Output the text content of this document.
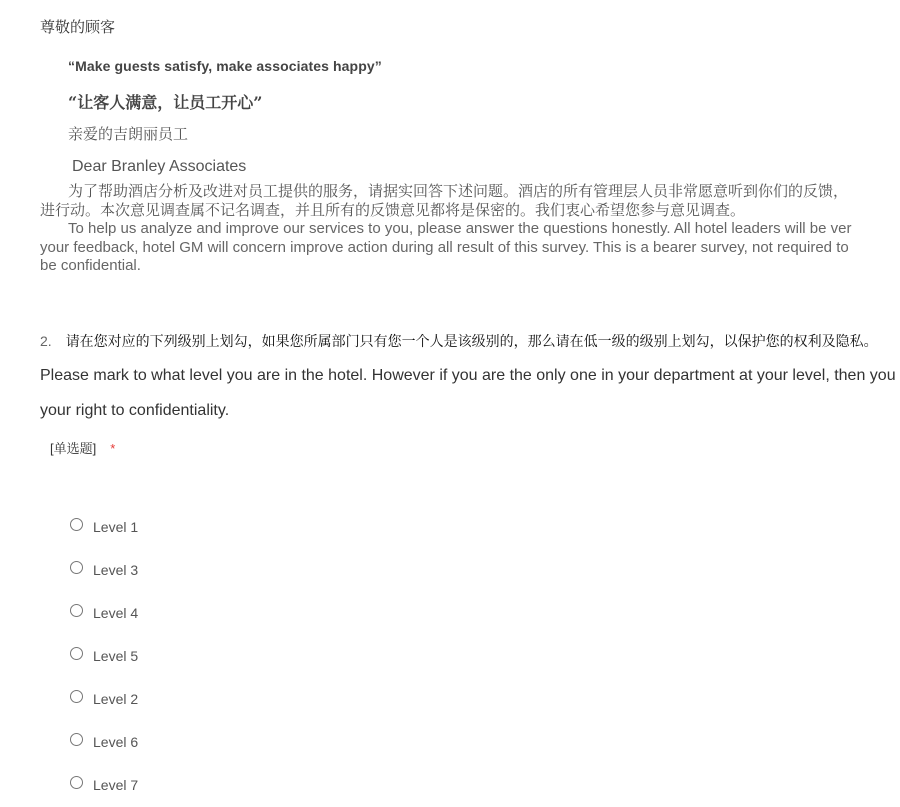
尊敬的顾客
“Make guests satisfy, make associates happy”
“让客人满意，让员工开心”
亲爱的吉朗丽员工
Dear Branley Associates
为了帮助酒店分析及改进对员工提供的服务，请据实回答下述问题。酒店的所有管理层人员非常愿意听到你们的反馈，
进行动。本次意见调查属不记名调查，并且所有的反馈意见都将是保密的。我们衷心希望您参与意见调查。
To help us analyze and improve our services to you, please answer the questions honestly. All hotel leaders will be ver
your feedback, hotel GM will concern improve action during all result of this survey. This is a bearer survey, not required to
be confidential.
2. 请在您对应的下列级别上划勾，如果您所属部门只有您一个人是该级别的，那么请在低一级的级别上划勾，以保护您的权利及隐私。
Please mark to what level you are in the hotel. However if you are the only one in your department at your level, then you
your right to confidentiality.
[单选题] *
Level 1
Level 3
Level 4
Level 5
Level 2
Level 6
Level 7
